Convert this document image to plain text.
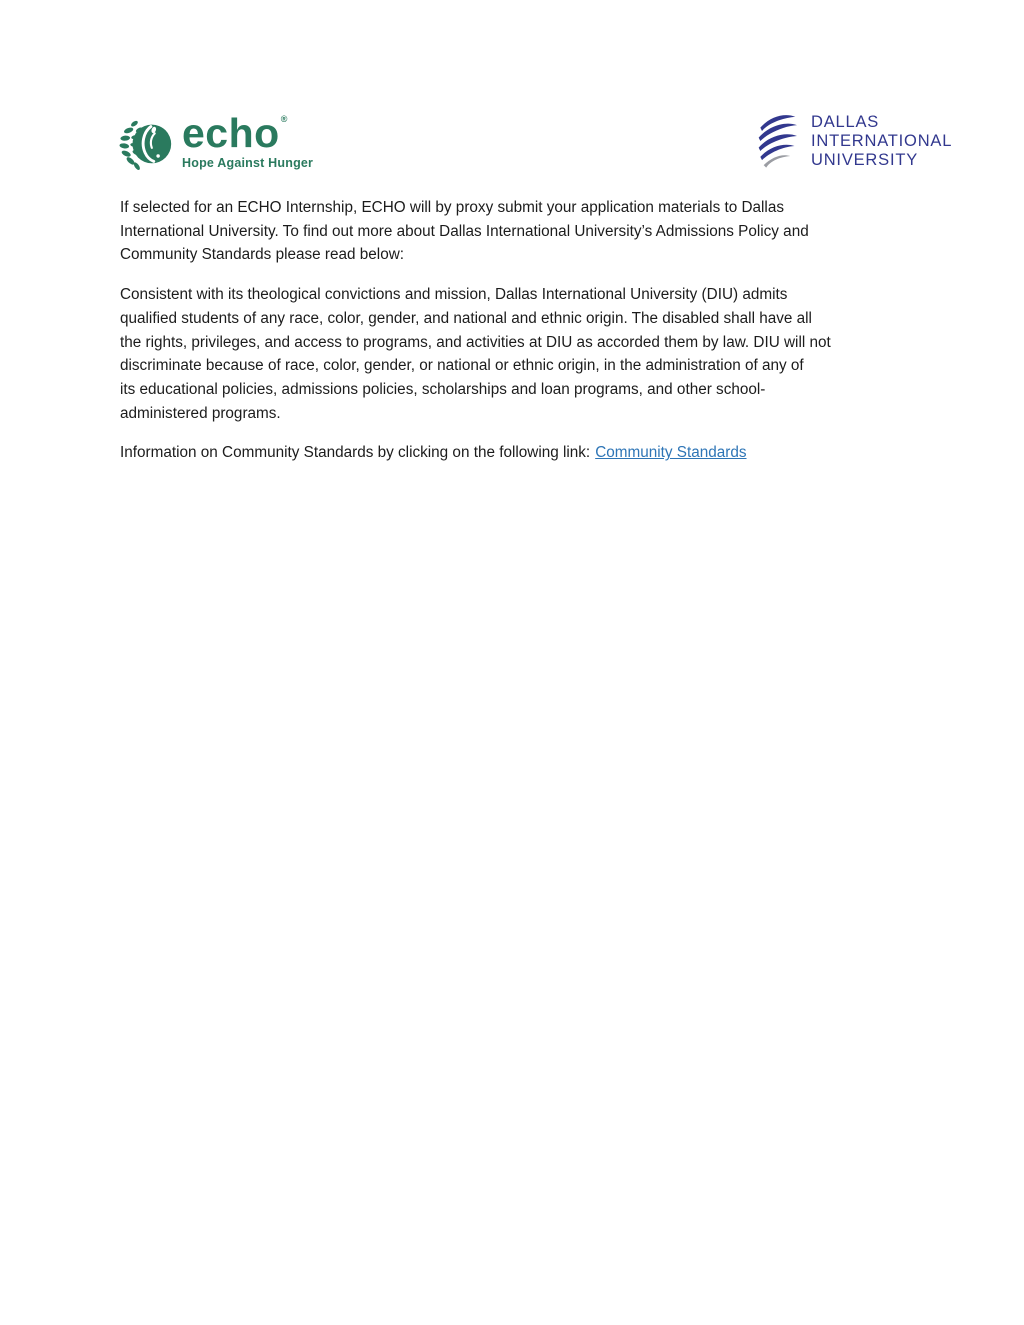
echo ®
Hope Against Hunger
DALLAS
INTERNATIONAL
UNIVERSITY
If selected for an ECHO Internship, ECHO will by proxy submit your application materials to Dallas
International University. To find out more about Dallas International University’s Admissions Policy and
Community Standards please read below:
Consistent with its theological convictions and mission, Dallas International University (DIU) admits
qualified students of any race, color, gender, and national and ethnic origin. The disabled shall have all
the rights, privileges, and access to programs, and activities at DIU as accorded them by law. DIU will not
discriminate because of race, color, gender, or national or ethnic origin, in the administration of any of
its educational policies, admissions policies, scholarships and loan programs, and other school-
administered programs.
Information on Community Standards by clicking on the following link: Community Standards
